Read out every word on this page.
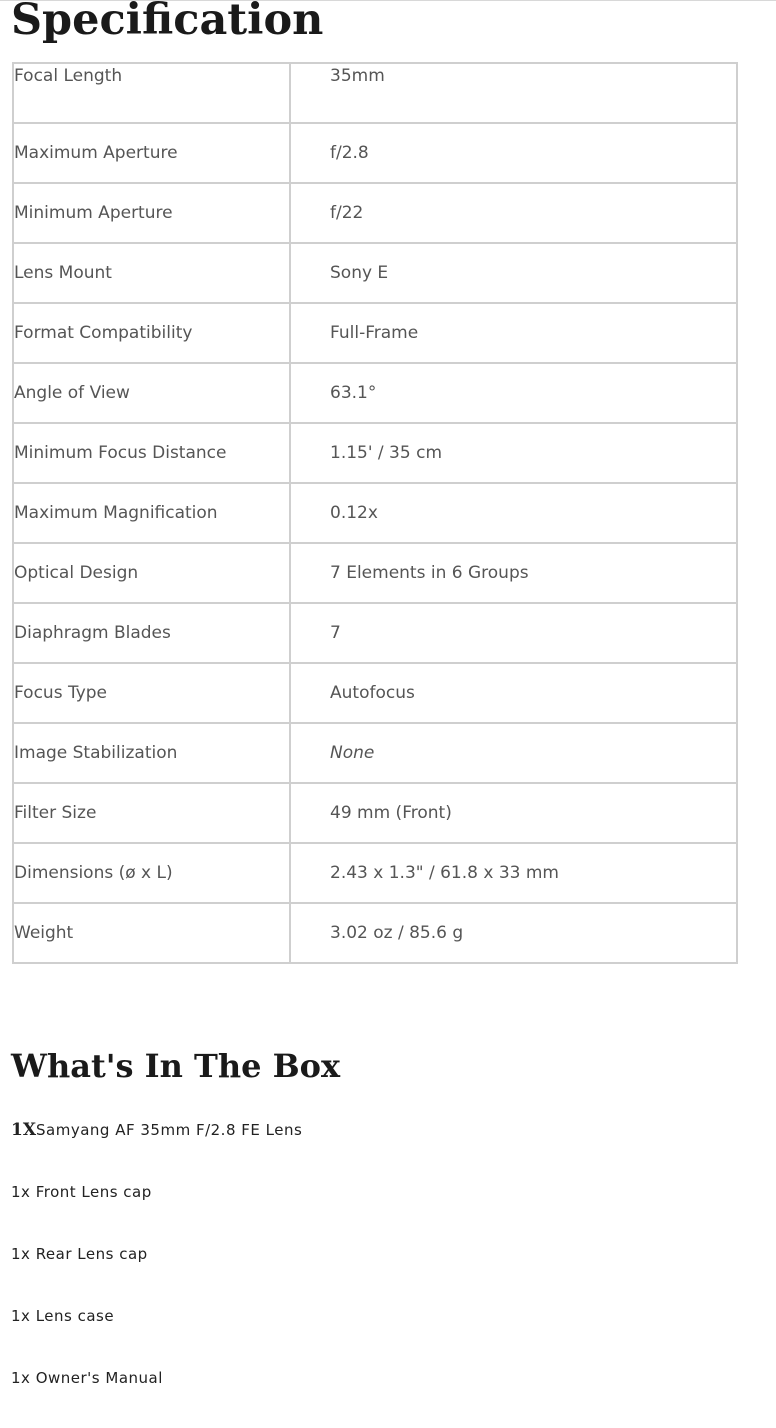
Specification
Focal Length	35mm
Maximum Aperture	f/2.8
Minimum Aperture	f/22
Lens Mount	Sony E
Format Compatibility	Full-Frame
Angle of View	63.1°
Minimum Focus Distance	1.15' / 35 cm
Maximum Magnification	0.12x
Optical Design	7 Elements in 6 Groups
Diaphragm Blades	7
Focus Type	Autofocus
Image Stabilization	None
Filter Size	49 mm (Front)
Dimensions (ø x L)	2.43 x 1.3" / 61.8 x 33 mm
Weight	3.02 oz / 85.6 g
What's In The Box
1XSamyang AF 35mm F/2.8 FE Lens
1x Front Lens cap
1x Rear Lens cap
1x Lens case
1x Owner's Manual
